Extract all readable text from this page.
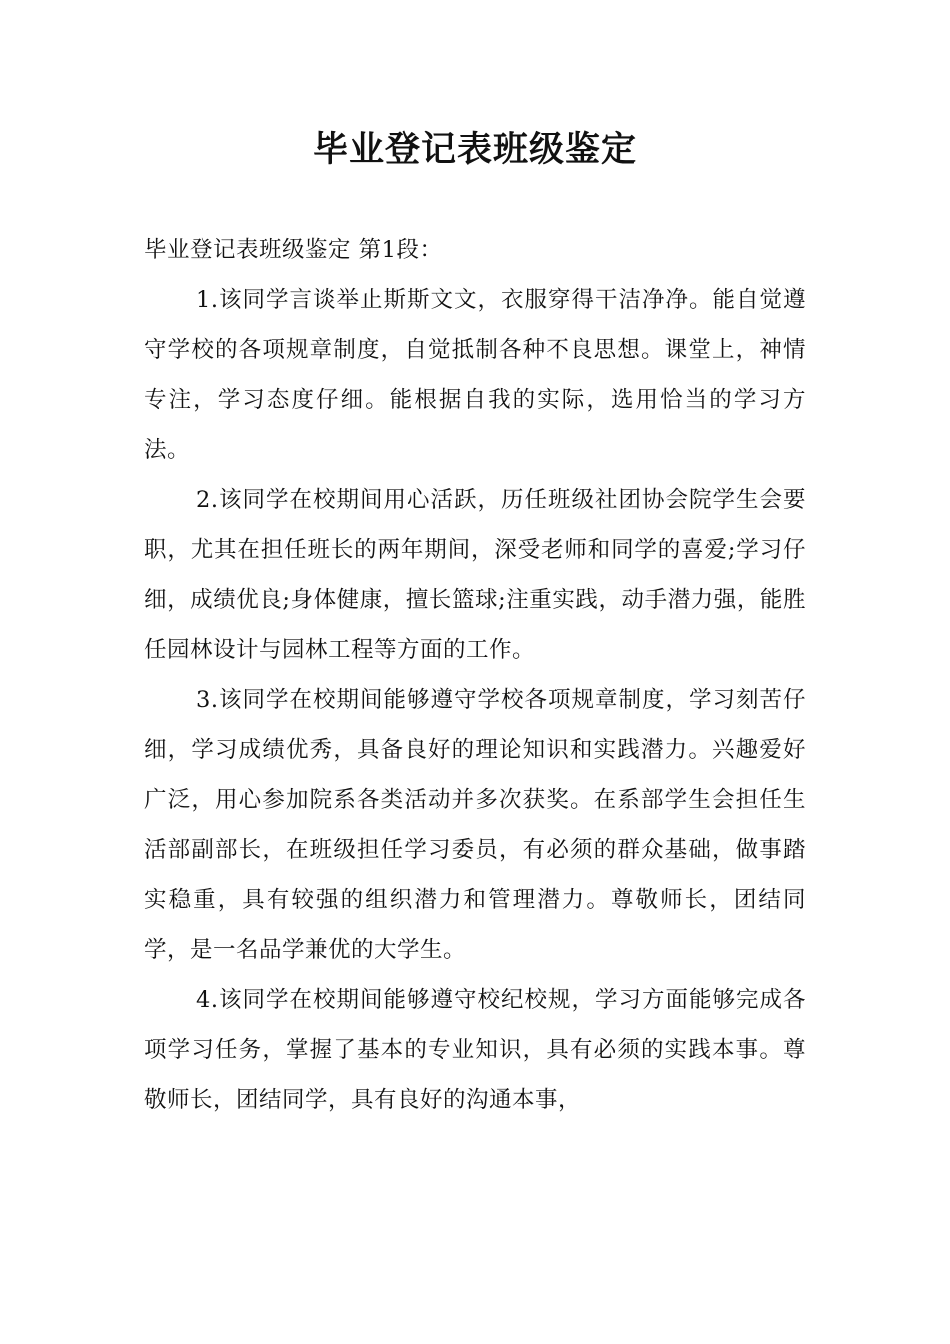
毕业登记表班级鉴定

毕业登记表班级鉴定 第1段：

1.该同学言谈举止斯斯文文，衣服穿得干洁净净。能自觉遵守学校的各项规章制度，自觉抵制各种不良思想。课堂上，神情专注，学习态度仔细。能根据自我的实际，选用恰当的学习方法。

2.该同学在校期间用心活跃，历任班级社团协会院学生会要职，尤其在担任班长的两年期间，深受老师和同学的喜爱;学习仔细，成绩优良;身体健康，擅长篮球;注重实践，动手潜力强，能胜任园林设计与园林工程等方面的工作。

3.该同学在校期间能够遵守学校各项规章制度，学习刻苦仔细，学习成绩优秀，具备良好的理论知识和实践潜力。兴趣爱好广泛，用心参加院系各类活动并多次获奖。在系部学生会担任生活部副部长，在班级担任学习委员，有必须的群众基础，做事踏实稳重，具有较强的组织潜力和管理潜力。尊敬师长，团结同学，是一名品学兼优的大学生。

4.该同学在校期间能够遵守校纪校规，学习方面能够完成各项学习任务，掌握了基本的专业知识，具有必须的实践本事。尊敬师长，团结同学，具有良好的沟通本事，
